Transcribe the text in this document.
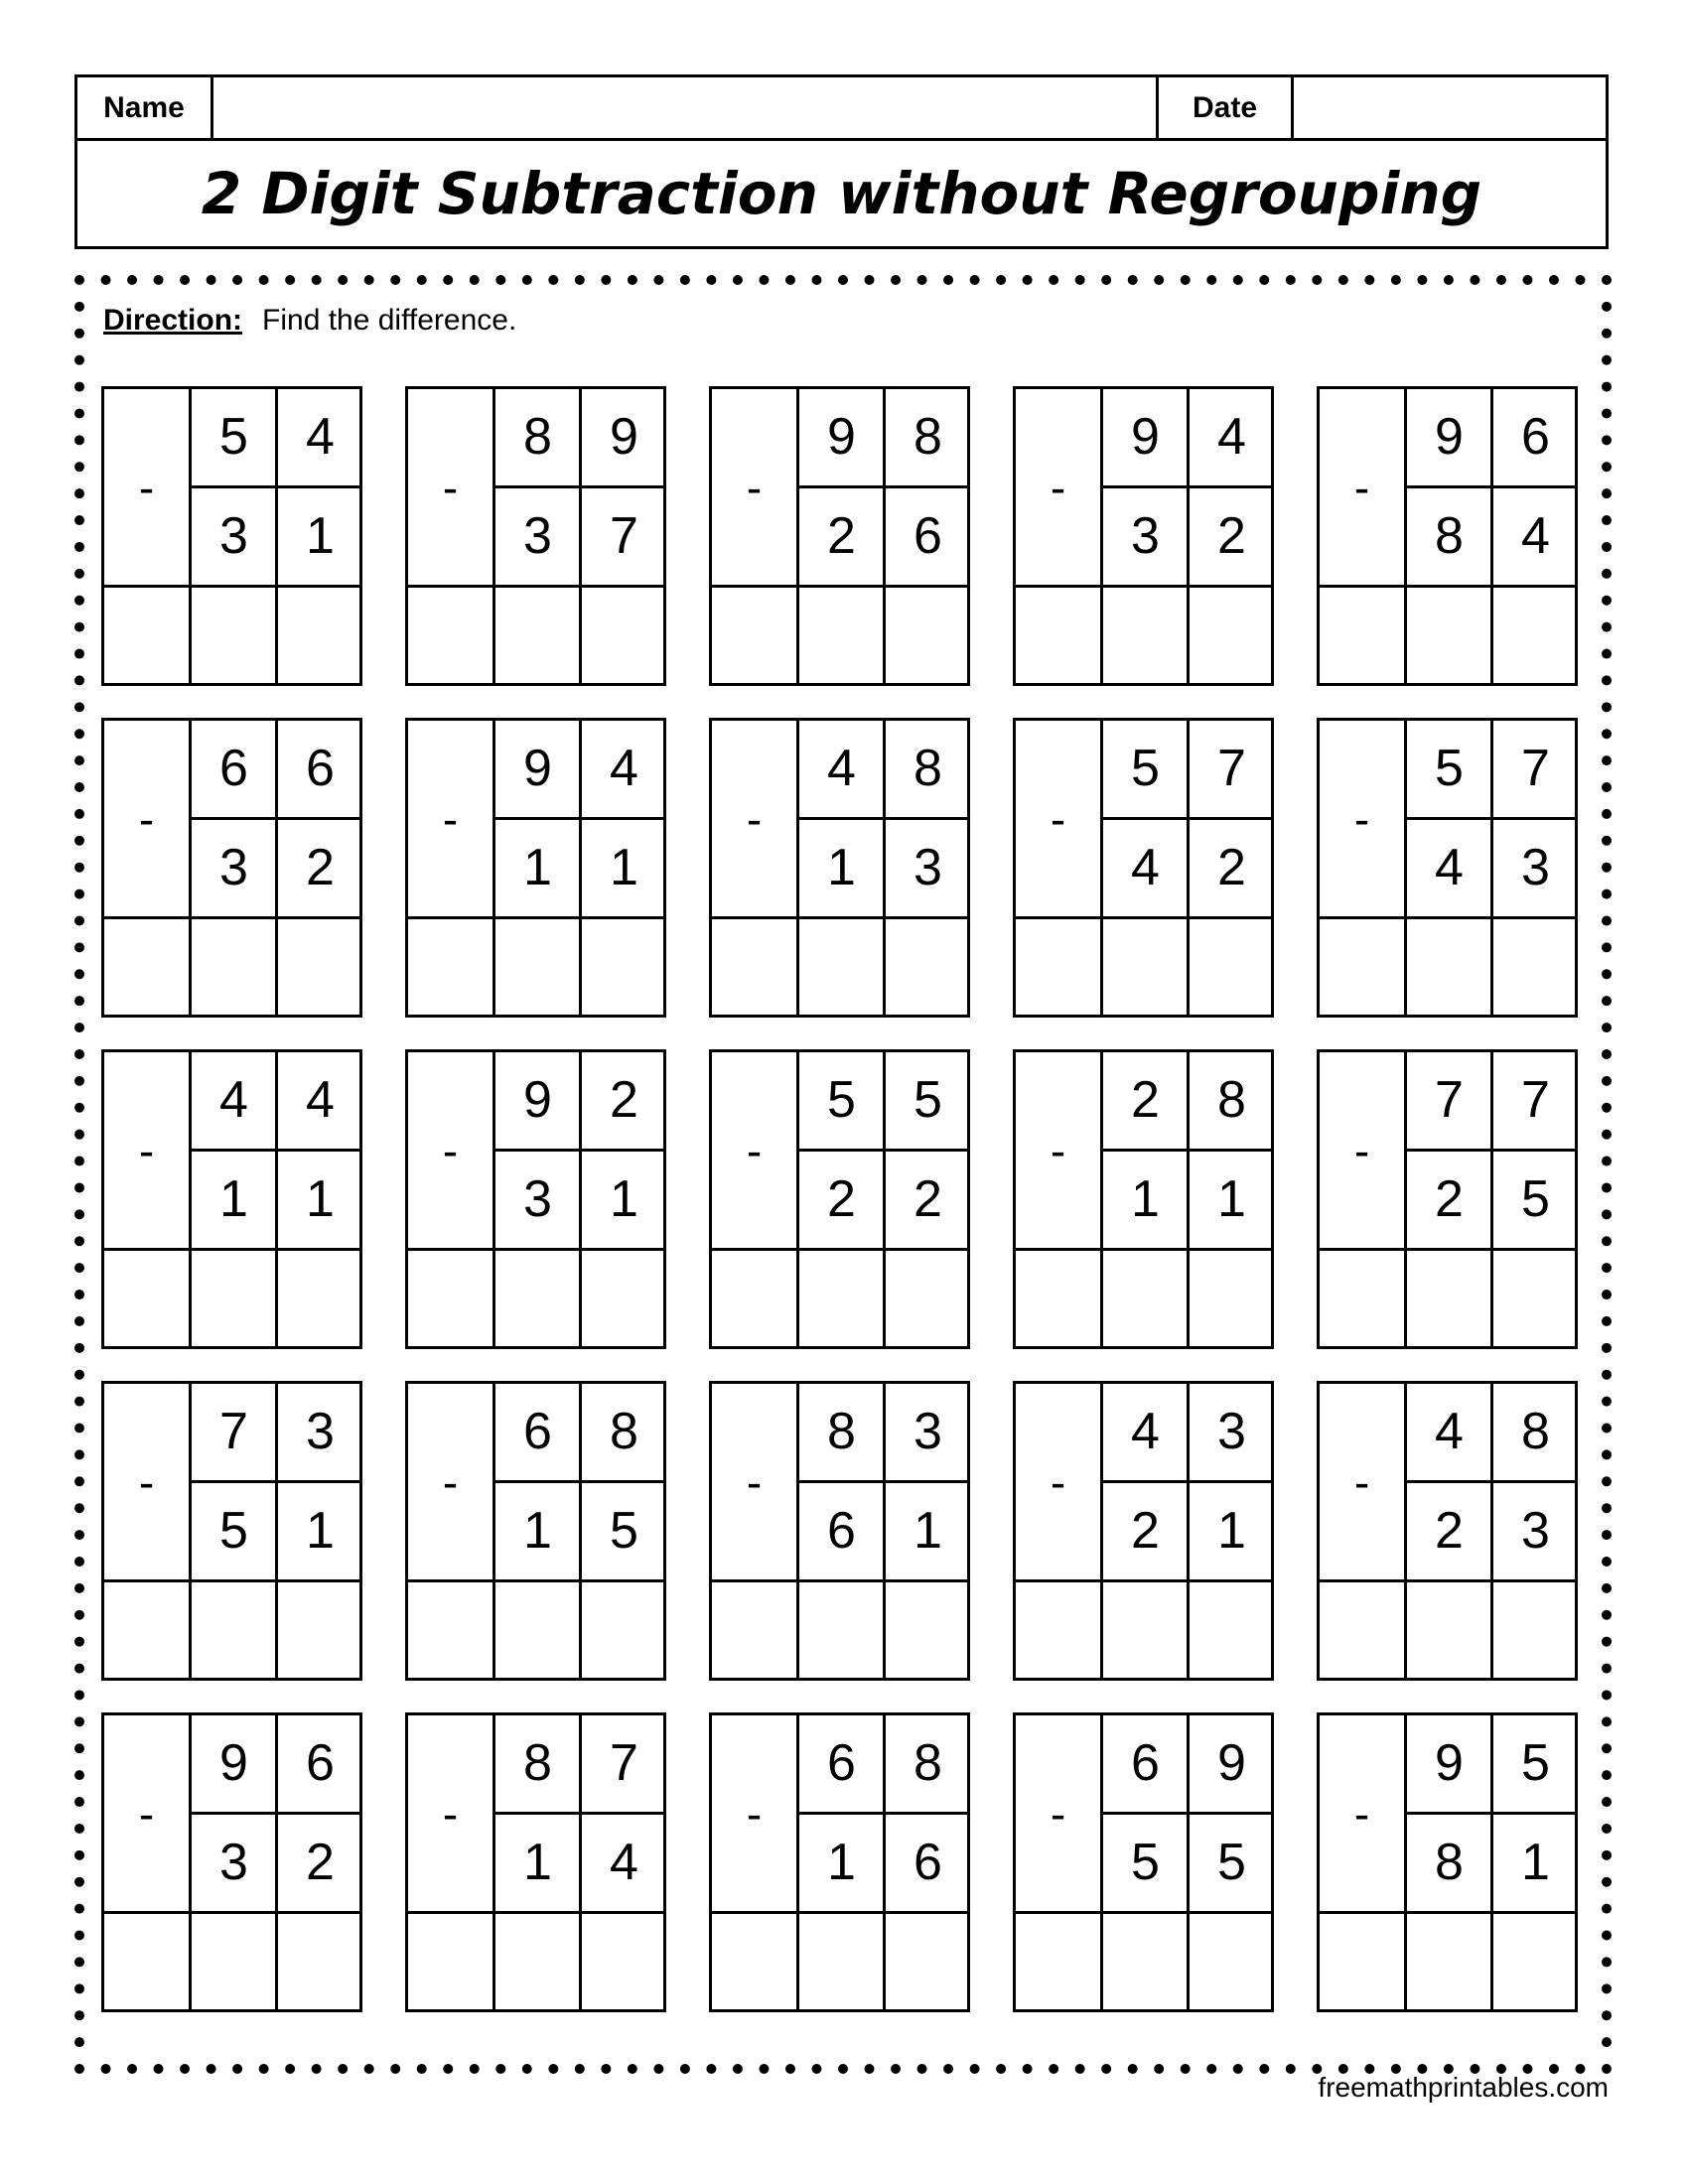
Name	Date
2 Digit Subtraction without Regrouping
Direction: Find the difference.
-
5	4
3	1
-
8	9
3	7
-
9	8
2	6
-
9	4
3	2
-
9	6
8	4
-
6	6
3	2
-
9	4
1	1
-
4	8
1	3
-
5	7
4	2
-
5	7
4	3
-
4	4
1	1
-
9	2
3	1
-
5	5
2	2
-
2	8
1	1
-
7	7
2	5
-
7	3
5	1
-
6	8
1	5
-
8	3
6	1
-
4	3
2	1
-
4	8
2	3
-
9	6
3	2
-
8	7
1	4
-
6	8
1	6
-
6	9
5	5
-
9	5
8	1
freemathprintables.com
